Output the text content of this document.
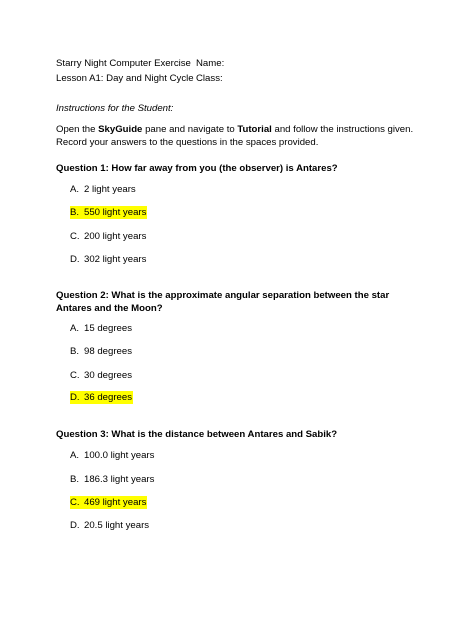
Starry Night Computer Exercise Name:
Lesson A1: Day and Night Cycle Class:
Instructions for the Student:
Open the SkyGuide pane and navigate to Tutorial and follow the instructions given. Record your answers to the questions in the spaces provided.
Question 1: How far away from you (the observer) is Antares?
A. 2 light years
B. 550 light years
C. 200 light years
D. 302 light years
Question 2: What is the approximate angular separation between the star Antares and the Moon?
A. 15 degrees
B. 98 degrees
C. 30 degrees
D. 36 degrees
Question 3: What is the distance between Antares and Sabik?
A. 100.0 light years
B. 186.3 light years
C. 469 light years
D. 20.5 light years
